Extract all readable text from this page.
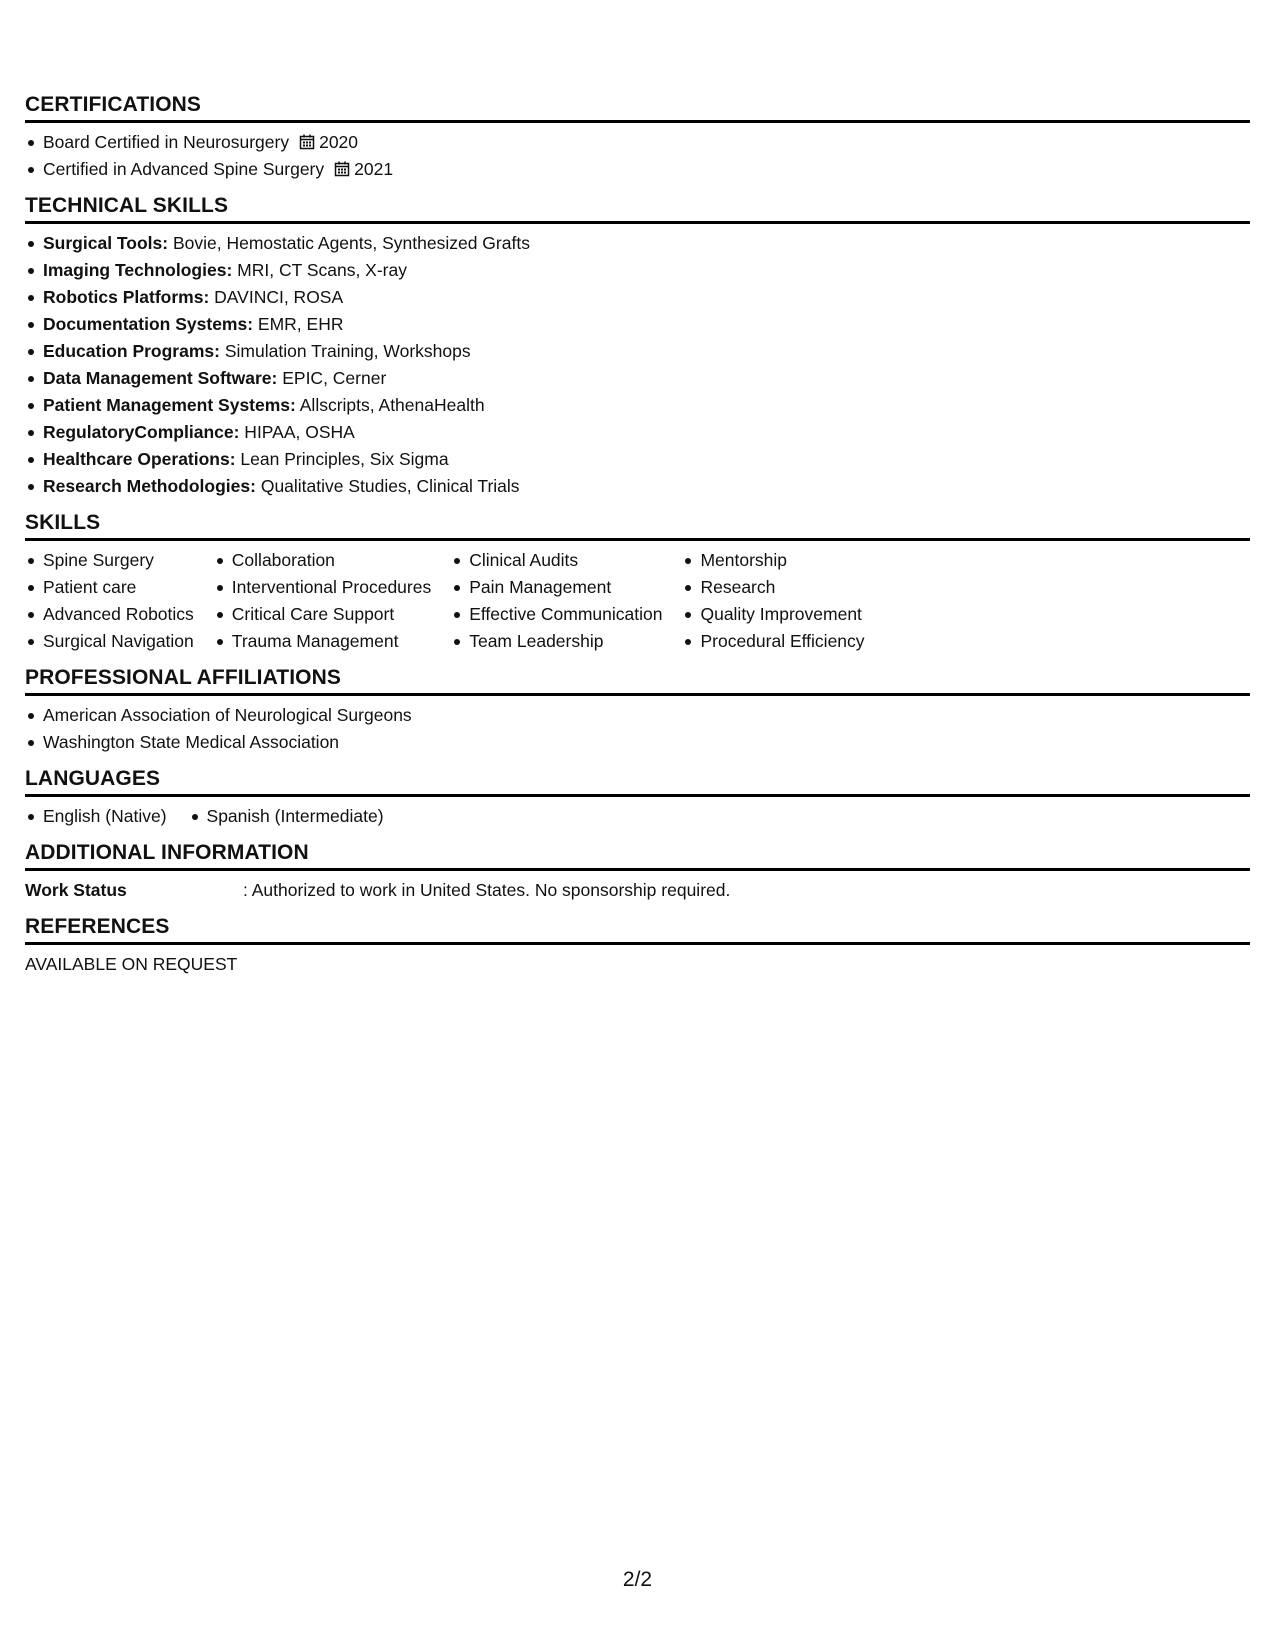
CERTIFICATIONS
Board Certified in Neurosurgery 2020
Certified in Advanced Spine Surgery 2021
TECHNICAL SKILLS
Surgical Tools: Bovie, Hemostatic Agents, Synthesized Grafts
Imaging Technologies: MRI, CT Scans, X-ray
Robotics Platforms: DAVINCI, ROSA
Documentation Systems: EMR, EHR
Education Programs: Simulation Training, Workshops
Data Management Software: EPIC, Cerner
Patient Management Systems: Allscripts, AthenaHealth
RegulatoryCompliance: HIPAA, OSHA
Healthcare Operations: Lean Principles, Six Sigma
Research Methodologies: Qualitative Studies, Clinical Trials
SKILLS
Spine Surgery
Patient care
Advanced Robotics
Surgical Navigation
Collaboration
Interventional Procedures
Critical Care Support
Trauma Management
Clinical Audits
Pain Management
Effective Communication
Team Leadership
Mentorship
Research
Quality Improvement
Procedural Efficiency
PROFESSIONAL AFFILIATIONS
American Association of Neurological Surgeons
Washington State Medical Association
LANGUAGES
English (Native)	Spanish (Intermediate)
ADDITIONAL INFORMATION
Work Status	: Authorized to work in United States. No sponsorship required.
REFERENCES
AVAILABLE ON REQUEST
2/2
